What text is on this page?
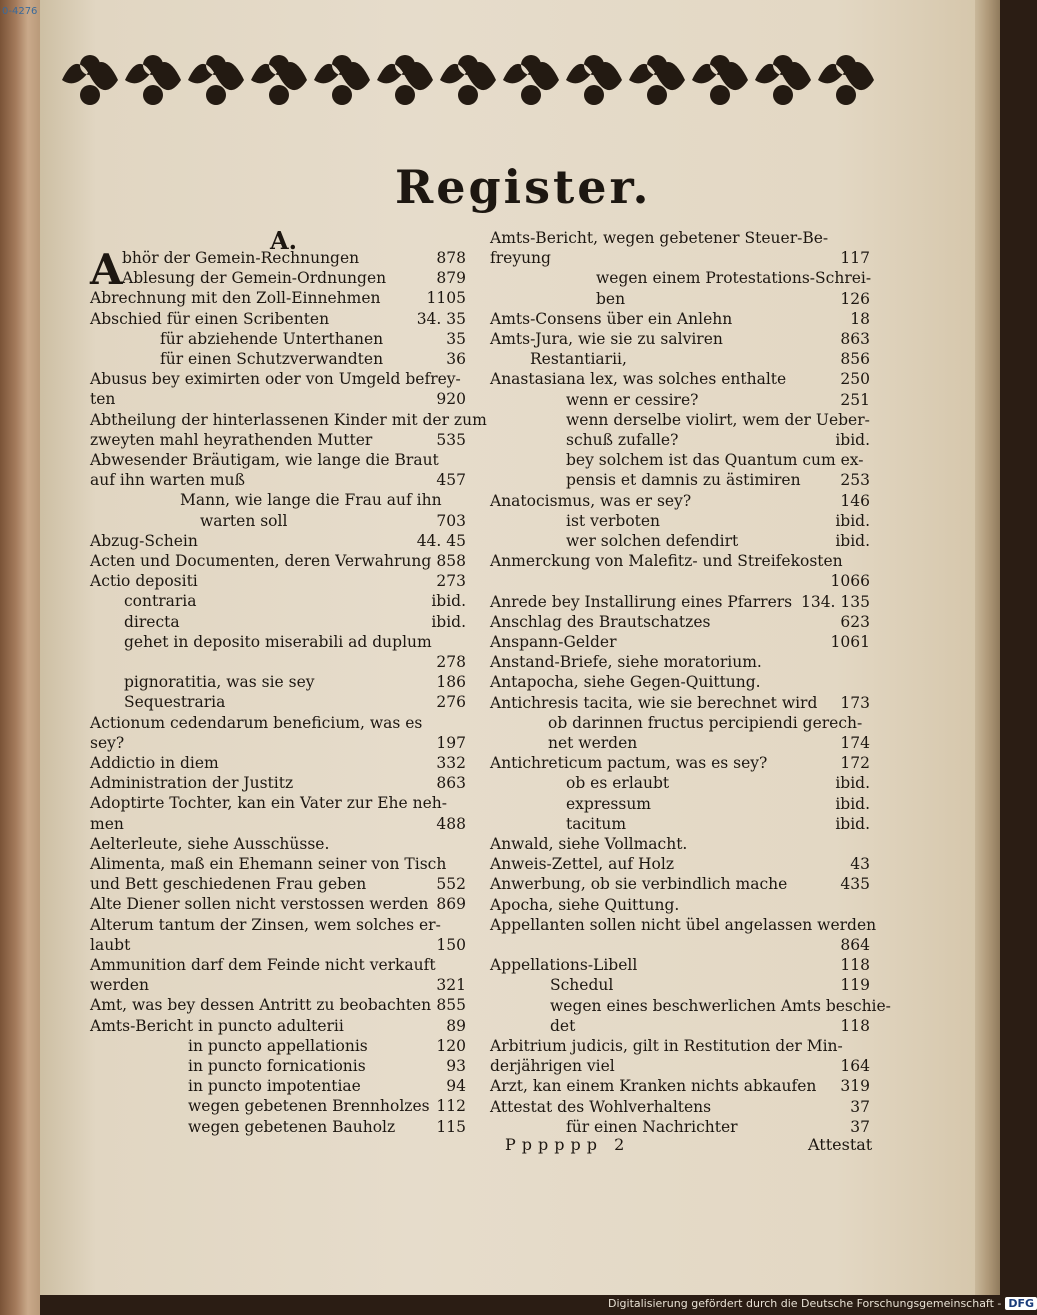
0-4276
Register.
A.
A bhör der Gemein-Rechnungen	878
Ablesung der Gemein-Ordnungen	879
Abrechnung mit den Zoll-Einnehmen	1105
Abschied für einen Scribenten	34. 35
für abziehende Unterthanen	35
für einen Schutzverwandten	36
Abusus bey eximirten oder von Umgeld befrey-
ten	920
Abtheilung der hinterlassenen Kinder mit der zum
zweyten mahl heyrathenden Mutter	535
Abwesender Bräutigam, wie lange die Braut
auf ihn warten muß	457
Mann, wie lange die Frau auf ihn
warten soll	703
Abzug-Schein	44. 45
Acten und Documenten, deren Verwahrung 858
Actio depositi	273
contraria	ibid.
directa	ibid.
gehet in deposito miserabili ad duplum
278
pignoratitia, was sie sey	186
Sequestraria	276
Actionum cedendarum beneficium, was es
sey?	197
Addictio in diem	332
Administration der Justitz	863
Adoptirte Tochter, kan ein Vater zur Ehe neh-
men	488
Aelterleute, siehe Ausschüsse.
Alimenta, maß ein Ehemann seiner von Tisch
und Bett geschiedenen Frau geben	552
Alte Diener sollen nicht verstossen werden 869
Alterum tantum der Zinsen, wem solches er-
laubt	150
Ammunition darf dem Feinde nicht verkauft
werden	321
Amt, was bey dessen Antritt zu beobachten 855
Amts-Bericht in puncto adulterii	89
in puncto appellationis	120
in puncto fornicationis	93
in puncto impotentiae	94
wegen gebetenen Brennholzes 112
wegen gebetenen Bauholz	115
Amts-Bericht, wegen gebetener Steuer-Be-
freyung	117
wegen einem Protestations-Schrei-
ben	126
Amts-Consens über ein Anlehn	18
Amts-Jura, wie sie zu salviren	863
Restantiarii,	856
Anastasiana lex, was solches enthalte	250
wenn er cessire?	251
wenn derselbe violirt, wem der Ueber-
schuß zufalle?	ibid.
bey solchem ist das Quantum cum ex-
pensis et damnis zu ästimiren	253
Anatocismus, was er sey?	146
ist verboten	ibid.
wer solchen defendirt	ibid.
Anmerckung von Malefitz- und Streifekosten
1066
Anrede bey Installirung eines Pfarrers 134. 135
Anschlag des Brautschatzes	623
Anspann-Gelder	1061
Anstand-Briefe, siehe moratorium.
Antapocha, siehe Gegen-Quittung.
Antichresis tacita, wie sie berechnet wird 173
ob darinnen fructus percipiendi gerech-
net werden	174
Antichreticum pactum, was es sey?	172
ob es erlaubt	ibid.
expressum	ibid.
tacitum	ibid.
Anwald, siehe Vollmacht.
Anweis-Zettel, auf Holz	43
Anwerbung, ob sie verbindlich mache	435
Apocha, siehe Quittung.
Appellanten sollen nicht übel angelassen werden
864
Appellations-Libell	118
Schedul	119
wegen eines beschwerlichen Amts beschie-
det	118
Arbitrium judicis, gilt in Restitution der Min-
derjährigen viel	164
Arzt, kan einem Kranken nichts abkaufen 319
Attestat des Wohlverhaltens	37
für einen Nachrichter	37
Pppppp 2	Attestat
Digitalisierung gefördert durch die Deutsche Forschungsgemeinschaft - DFG
